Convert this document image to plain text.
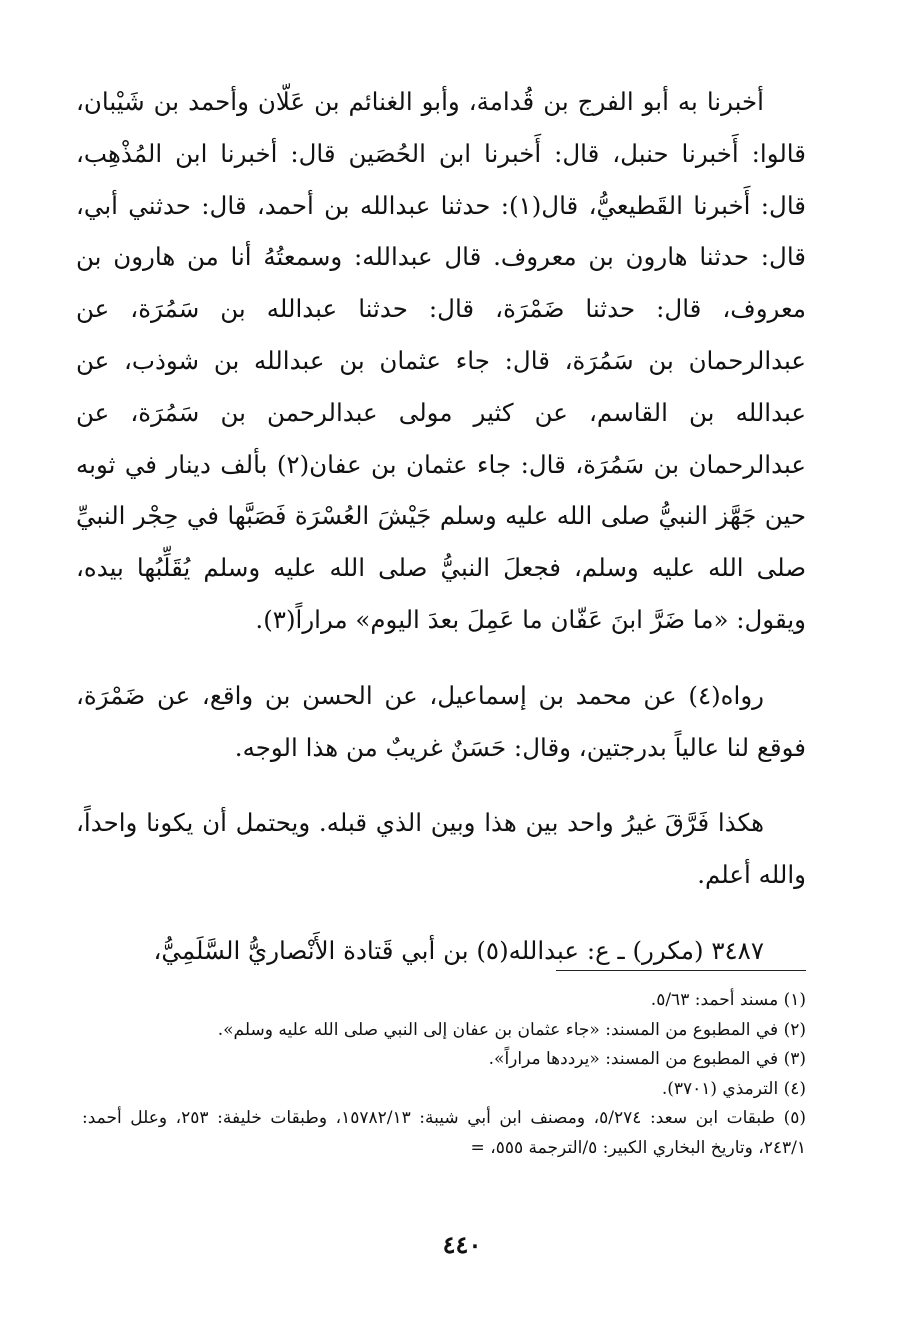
أخبرنا به أبو الفرج بن قُدامة، وأبو الغنائم بن عَلّان وأحمد بن شَيْبان، قالوا: أَخبرنا حنبل، قال: أَخبرنا ابن الحُصَين قال: أخبرنا ابن المُذْهِب، قال: أَخبرنا القَطيعيُّ، قال(١): حدثنا عبدالله بن أحمد، قال: حدثني أبي، قال: حدثنا هارون بن معروف. قال عبدالله: وسمعتُهُ أنا من هارون بن معروف، قال: حدثنا ضَمْرَة، قال: حدثنا عبدالله بن سَمُرَة، عن عبدالرحمان بن سَمُرَة، قال: جاء عثمان بن عبدالله بن شوذب، عن عبدالله بن القاسم، عن كثير مولى عبدالرحمن بن سَمُرَة، عن عبدالرحمان بن سَمُرَة، قال: جاء عثمان بن عفان(٢) بألف دينار في ثوبه حين جَهَّز النبيُّ صلى الله عليه وسلم جَيْشَ العُسْرَة فَصَبَّها في حِجْر النبيِّ صلى الله عليه وسلم، فجعلَ النبيُّ صلى الله عليه وسلم يُقَلِّبُها بيده، ويقول: «ما ضَرَّ ابنَ عَفّان ما عَمِلَ بعدَ اليوم» مراراً(٣).

رواه(٤) عن محمد بن إسماعيل، عن الحسن بن واقع، عن ضَمْرَة، فوقع لنا عالياً بدرجتين، وقال: حَسَنٌ غريبٌ من هذا الوجه.

هكذا فَرَّقَ غيرُ واحد بين هذا وبين الذي قبله. ويحتمل أن يكونا واحداً، والله أعلم.

٣٤٨٧ (مكرر) ـ ع: عبدالله(٥) بن أبي قَتادة الأَنْصاريُّ السَّلَمِيُّ،

(١) مسند أحمد: ٥/٦٣.

(٢) في المطبوع من المسند: «جاء عثمان بن عفان إلى النبي صلى الله عليه وسلم».

(٣) في المطبوع من المسند: «يرددها مراراً».

(٤) الترمذي (٣٧٠١).

(٥) طبقات ابن سعد: ٥/٢٧٤، ومصنف ابن أبي شيبة: ١٥٧٨٢/١٣، وطبقات خليفة: ٢٥٣، وعلل أحمد: ٢٤٣/١، وتاريخ البخاري الكبير: ٥/الترجمة ٥٥٥، =

٤٤٠
